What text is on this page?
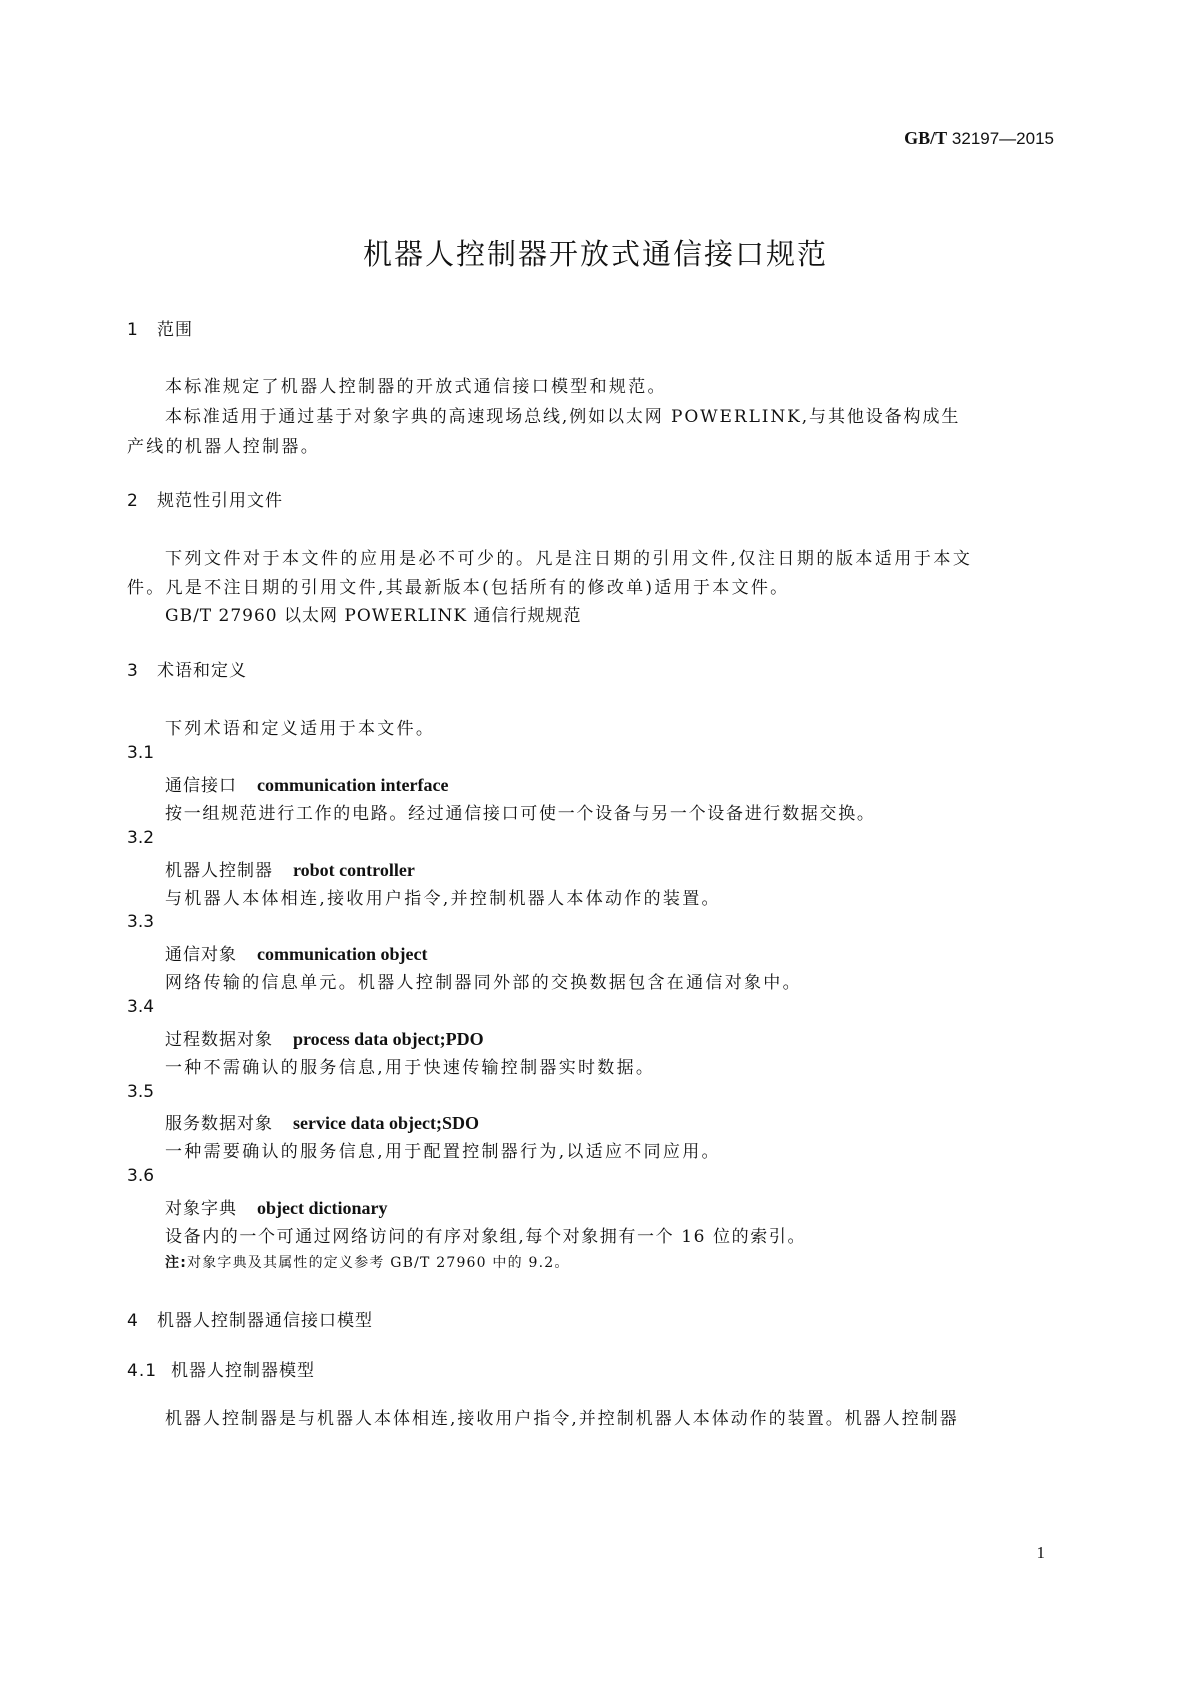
GB/T 32197—2015
机器人控制器开放式通信接口规范
1 范围
本标准规定了机器人控制器的开放式通信接口模型和规范。
本标准适用于通过基于对象字典的高速现场总线,例如以太网 POWERLINK,与其他设备构成生
产线的机器人控制器。
2 规范性引用文件
下列文件对于本文件的应用是必不可少的。凡是注日期的引用文件,仅注日期的版本适用于本文
件。凡是不注日期的引用文件,其最新版本(包括所有的修改单)适用于本文件。
GB/T 27960 以太网 POWERLINK 通信行规规范
3 术语和定义
下列术语和定义适用于本文件。
3.1
通信接口 communication interface
按一组规范进行工作的电路。经过通信接口可使一个设备与另一个设备进行数据交换。
3.2
机器人控制器 robot controller
与机器人本体相连,接收用户指令,并控制机器人本体动作的装置。
3.3
通信对象 communication object
网络传输的信息单元。机器人控制器同外部的交换数据包含在通信对象中。
3.4
过程数据对象 process data object;PDO
一种不需确认的服务信息,用于快速传输控制器实时数据。
3.5
服务数据对象 service data object;SDO
一种需要确认的服务信息,用于配置控制器行为,以适应不同应用。
3.6
对象字典 object dictionary
设备内的一个可通过网络访问的有序对象组,每个对象拥有一个 16 位的索引。
注:对象字典及其属性的定义参考 GB/T 27960 中的 9.2。
4 机器人控制器通信接口模型
4.1 机器人控制器模型
机器人控制器是与机器人本体相连,接收用户指令,并控制机器人本体动作的装置。机器人控制器
1
